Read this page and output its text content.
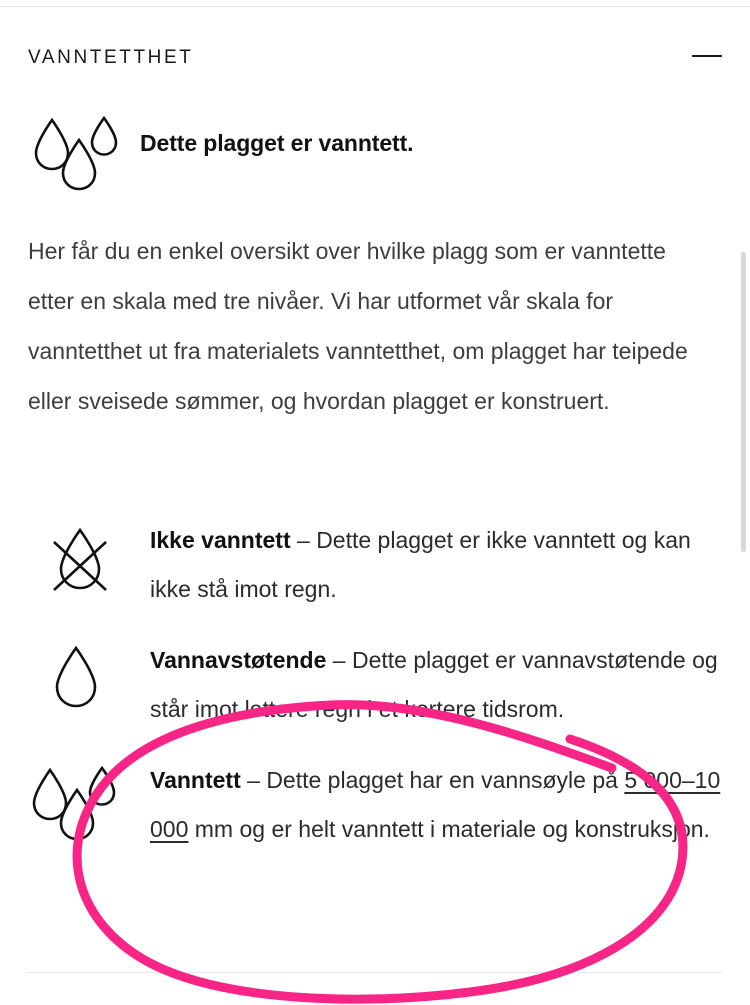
VANNTETTHET
Dette plagget er vanntett.
Her får du en enkel oversikt over hvilke plagg som er vanntette etter en skala med tre nivåer. Vi har utformet vår skala for vanntetthet ut fra materialets vanntetthet, om plagget har teipede eller sveisede sømmer, og hvordan plagget er konstruert.
Ikke vanntett – Dette plagget er ikke vanntett og kan ikke stå imot regn.
Vannavstøtende – Dette plagget er vannavstøtende og står imot lettere regn i et kortere tidsrom.
Vanntett – Dette plagget har en vannsøyle på 5 000–10 000 mm og er helt vanntett i materiale og konstruksjon.
